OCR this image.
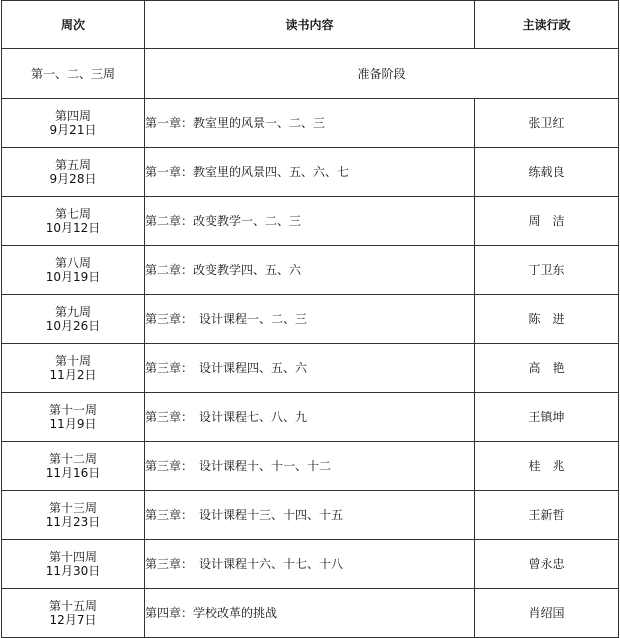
周次	读书内容	主读行政
第一、二、三周	准备阶段	

第四周
9月21日	第一章：教室里的风景一、二、三	张卫红

第五周
9月28日	第一章：教室里的风景四、五、六、七	练载良

第七周
10月12日	第二章：改变教学一、二、三	周　洁

第八周
10月19日	第二章：改变教学四、五、六	丁卫东

第九周
10月26日	第三章：　设计课程一、二、三	陈　进

第十周
11月2日	第三章：　设计课程四、五、六	高　艳

第十一周
11月9日	第三章：　设计课程七、八、九	王镇坤

第十二周
11月16日	第三章：　设计课程十、十一、十二	桂　兆

第十三周
11月23日	第三章：　设计课程十三、十四、十五	王新哲

第十四周
11月30日	第三章：　设计课程十六、十七、十八	曾永忠

第十五周
12月7日	第四章：学校改革的挑战	肖绍国
